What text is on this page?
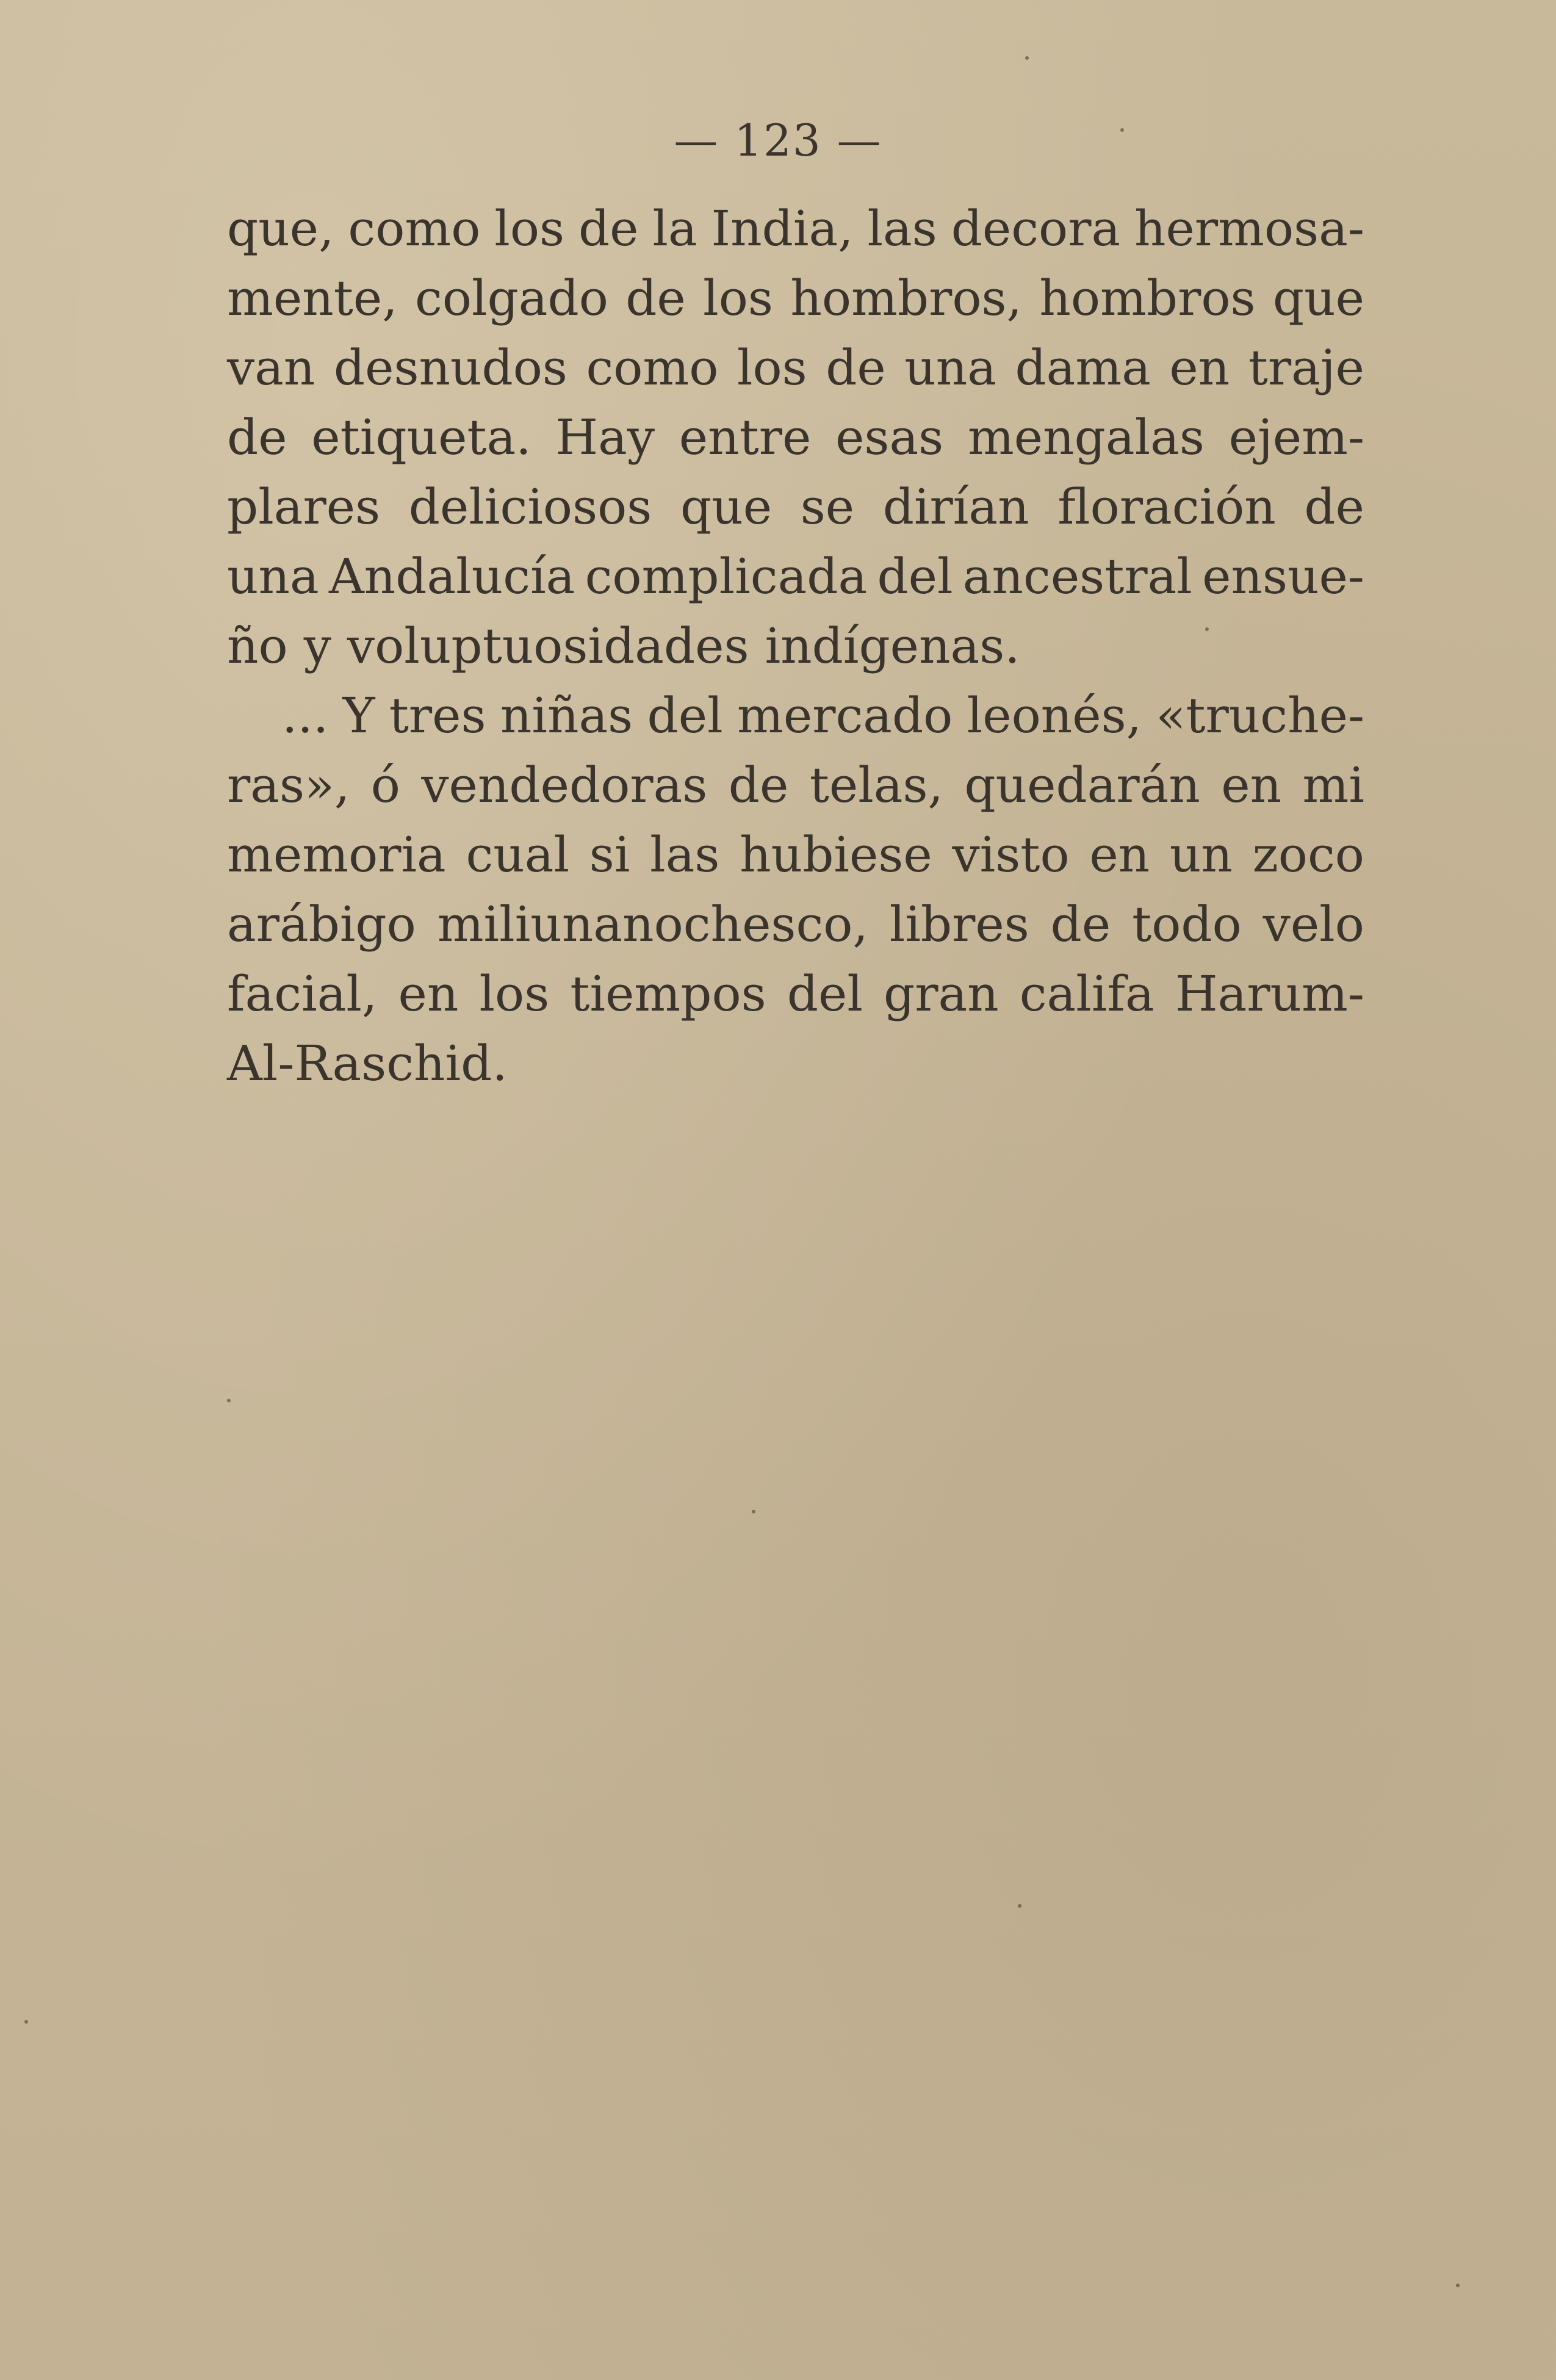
— 123 —
que, como los de la India, las decora hermosa-
mente, colgado de los hombros, hombros que
van desnudos como los de una dama en traje
de etiqueta. Hay entre esas mengalas ejem-
plares deliciosos que se dirían floración de
una Andalucía complicada del ancestral ensue-
ño y voluptuosidades indígenas.
... Y tres niñas del mercado leonés, «truche-
ras», ó vendedoras de telas, quedarán en mi
memoria cual si las hubiese visto en un zoco
arábigo miliunanochesco, libres de todo velo
facial, en los tiempos del gran califa Harum-
Al-Raschid.
